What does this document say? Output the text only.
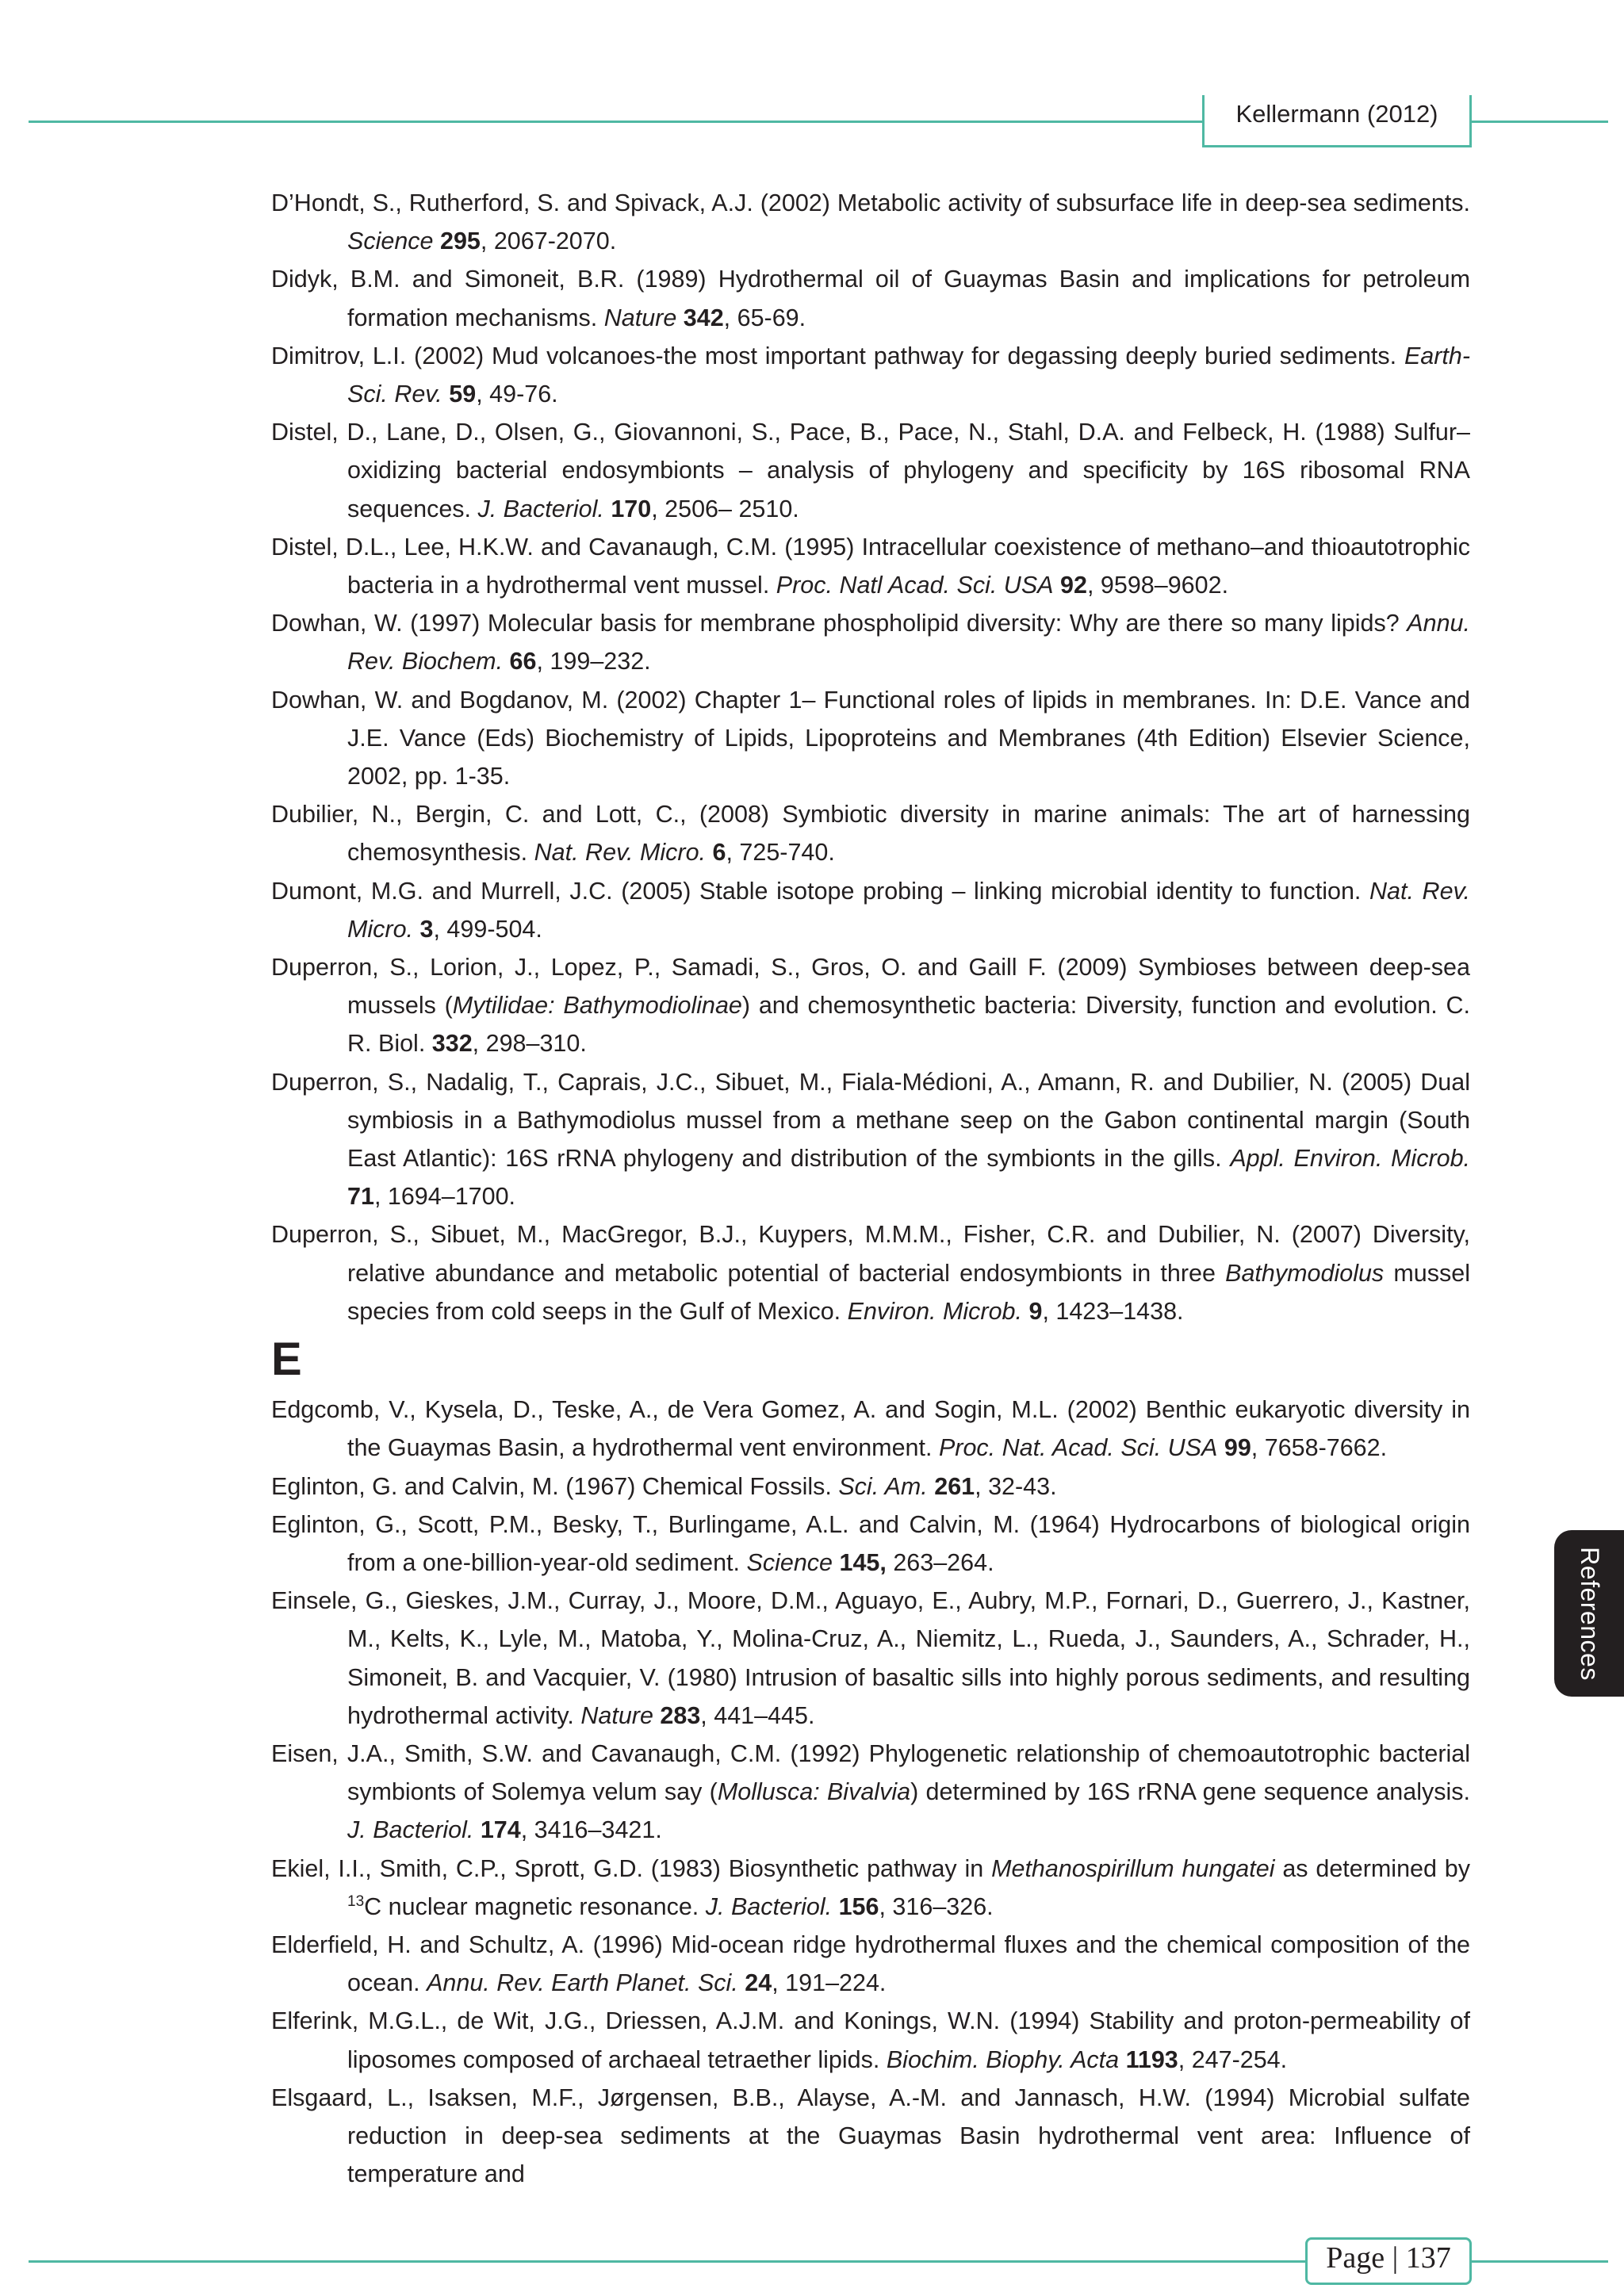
Kellermann (2012)
References

D’Hondt, S., Rutherford, S. and Spivack, A.J. (2002) Metabolic activity of subsurface life in deep-sea sediments. Science 295, 2067-2070.

Didyk, B.M. and Simoneit, B.R. (1989) Hydrothermal oil of Guaymas Basin and implications for petroleum formation mechanisms. Nature 342, 65-69.

Dimitrov, L.I. (2002) Mud volcanoes-the most important pathway for degassing deeply buried sediments. Earth-Sci. Rev. 59, 49-76.

Distel, D., Lane, D., Olsen, G., Giovannoni, S., Pace, B., Pace, N., Stahl, D.A. and Felbeck, H. (1988) Sulfur–oxidizing bacterial endosymbionts – analysis of phylogeny and specificity by 16S ribosomal RNA sequences. J. Bacteriol. 170, 2506– 2510.

Distel, D.L., Lee, H.K.W. and Cavanaugh, C.M. (1995) Intracellular coexistence of methano–and thioautotrophic bacteria in a hydrothermal vent mussel. Proc. Natl Acad. Sci. USA 92, 9598–9602.

Dowhan, W. (1997) Molecular basis for membrane phospholipid diversity: Why are there so many lipids? Annu. Rev. Biochem. 66, 199–232.

Dowhan, W. and Bogdanov, M. (2002) Chapter 1– Functional roles of lipids in membranes. In: D.E. Vance and J.E. Vance (Eds) Biochemistry of Lipids, Lipoproteins and Membranes (4th Edition) Elsevier Science, 2002, pp. 1-35.

Dubilier, N., Bergin, C. and Lott, C., (2008) Symbiotic diversity in marine animals: The art of harnessing chemosynthesis. Nat. Rev. Micro. 6, 725-740.

Dumont, M.G. and Murrell, J.C. (2005) Stable isotope probing – linking microbial identity to function. Nat. Rev. Micro. 3, 499-504.

Duperron, S., Lorion, J., Lopez, P., Samadi, S., Gros, O. and Gaill F. (2009) Symbioses between deep-sea mussels (Mytilidae: Bathymodiolinae) and chemosynthetic bacteria: Diversity, function and evolution. C. R. Biol. 332, 298–310.

Duperron, S., Nadalig, T., Caprais, J.C., Sibuet, M., Fiala-Médioni, A., Amann, R. and Dubilier, N. (2005) Dual symbiosis in a Bathymodiolus mussel from a methane seep on the Gabon continental margin (South East Atlantic): 16S rRNA phylogeny and distribution of the symbionts in the gills. Appl. Environ. Microb. 71, 1694–1700.

Duperron, S., Sibuet, M., MacGregor, B.J., Kuypers, M.M.M., Fisher, C.R. and Dubilier, N. (2007) Diversity, relative abundance and metabolic potential of bacterial endosymbionts in three Bathymodiolus mussel species from cold seeps in the Gulf of Mexico. Environ. Microb. 9, 1423–1438.

E

Edgcomb, V., Kysela, D., Teske, A., de Vera Gomez, A. and Sogin, M.L. (2002) Benthic eukaryotic diversity in the Guaymas Basin, a hydrothermal vent environment. Proc. Nat. Acad. Sci. USA 99, 7658-7662.

Eglinton, G. and Calvin, M. (1967) Chemical Fossils. Sci. Am. 261, 32-43.

Eglinton, G., Scott, P.M., Besky, T., Burlingame, A.L. and Calvin, M. (1964) Hydrocarbons of biological origin from a one-billion-year-old sediment. Science 145, 263–264.

Einsele, G., Gieskes, J.M., Curray, J., Moore, D.M., Aguayo, E., Aubry, M.P., Fornari, D., Guerrero, J., Kastner, M., Kelts, K., Lyle, M., Matoba, Y., Molina-Cruz, A., Niemitz, L., Rueda, J., Saunders, A., Schrader, H., Simoneit, B. and Vacquier, V. (1980) Intrusion of basaltic sills into highly porous sediments, and resulting hydrothermal activity. Nature 283, 441–445.

Eisen, J.A., Smith, S.W. and Cavanaugh, C.M. (1992) Phylogenetic relationship of chemoautotrophic bacterial symbionts of Solemya velum say (Mollusca: Bivalvia) determined by 16S rRNA gene sequence analysis. J. Bacteriol. 174, 3416–3421.

Ekiel, I.I., Smith, C.P., Sprott, G.D. (1983) Biosynthetic pathway in Methanospirillum hungatei as determined by $^{13}$C nuclear magnetic resonance. J. Bacteriol. 156, 316–326.

Elderfield, H. and Schultz, A. (1996) Mid-ocean ridge hydrothermal fluxes and the chemical composition of the ocean. Annu. Rev. Earth Planet. Sci. 24, 191–224.

Elferink, M.G.L., de Wit, J.G., Driessen, A.J.M. and Konings, W.N. (1994) Stability and proton-permeability of liposomes composed of archaeal tetraether lipids. Biochim. Biophy. Acta 1193, 247-254.

Elsgaard, L., Isaksen, M.F., Jørgensen, B.B., Alayse, A.-M. and Jannasch, H.W. (1994) Microbial sulfate reduction in deep-sea sediments at the Guaymas Basin hydrothermal vent area: Influence of temperature and

Page | 137
